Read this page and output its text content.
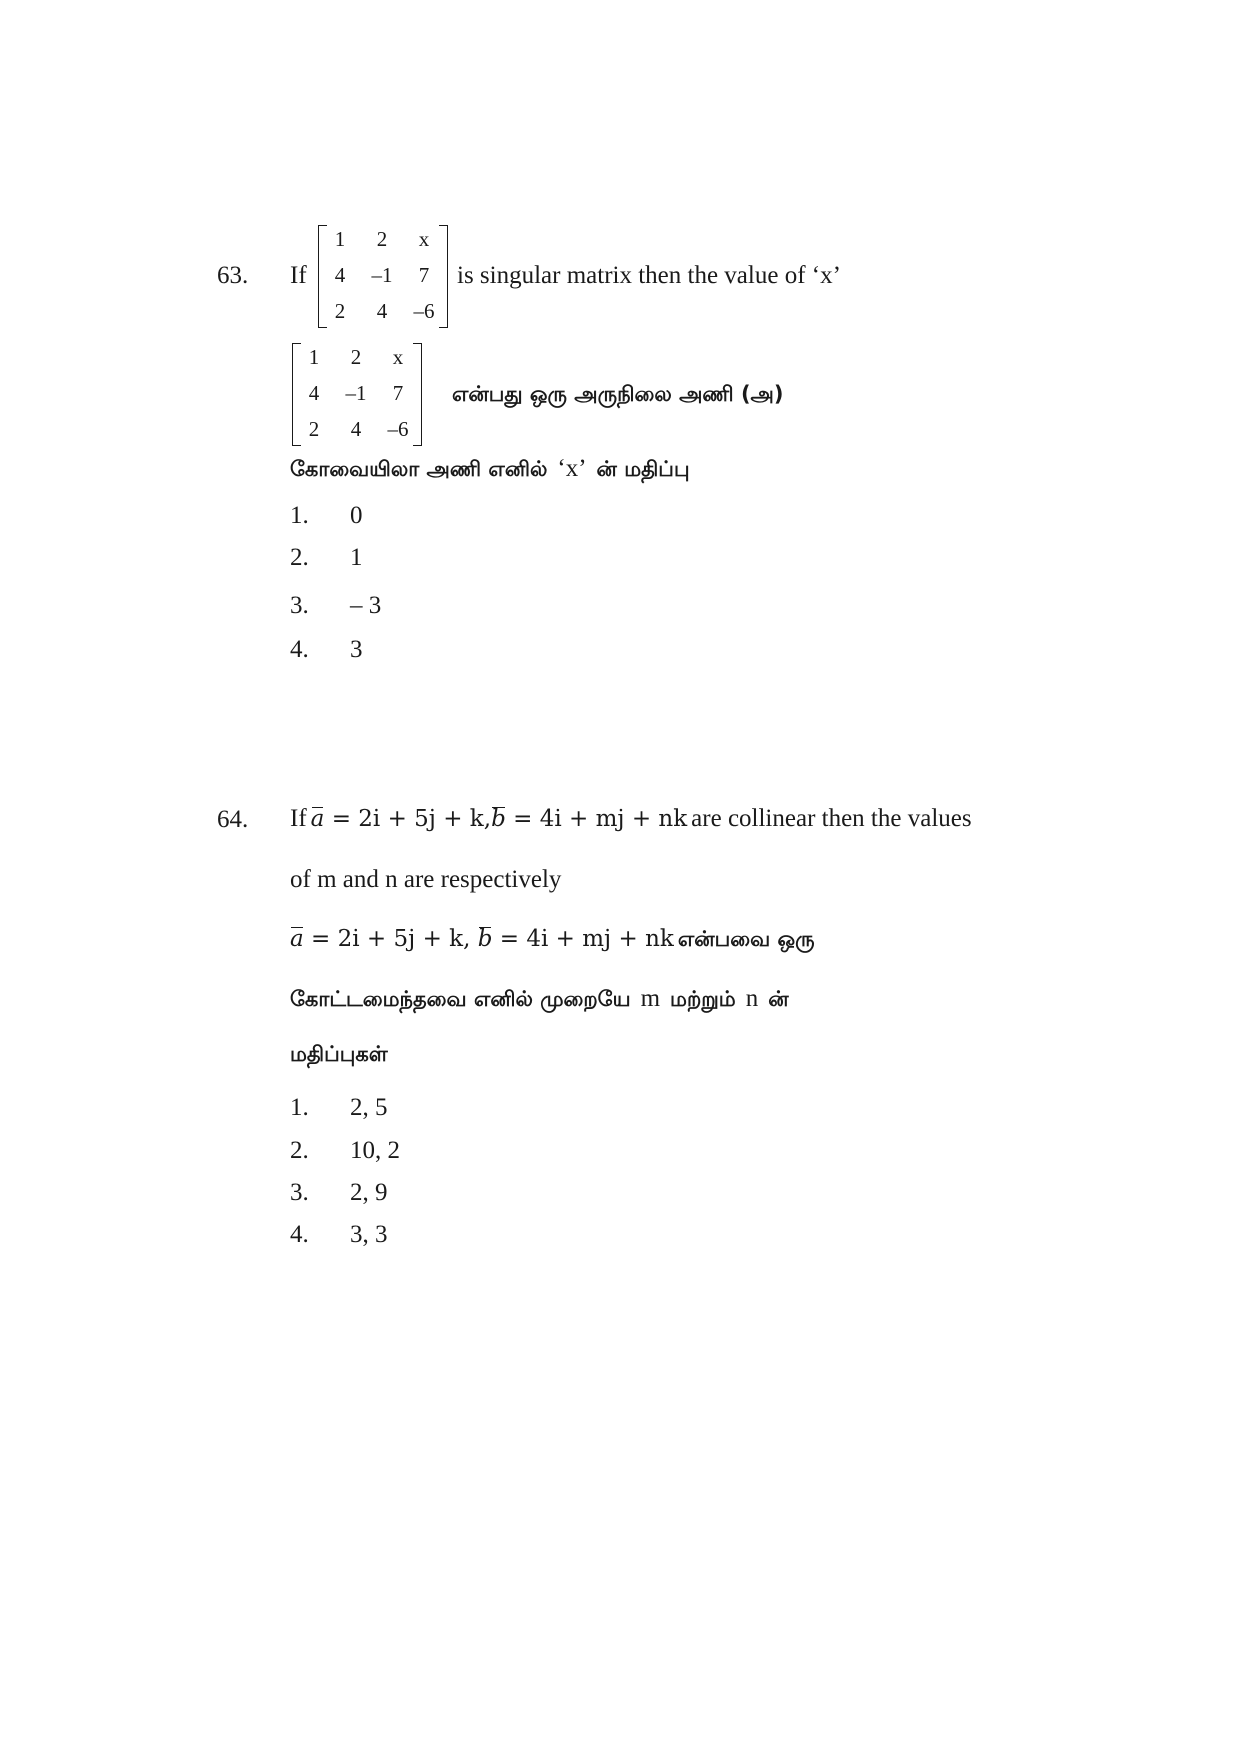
63. If
1	2	x
4	–1	7
2	4	–6
is singular matrix then the value of ‘x’
1	2	x
4	–1	7
2	4	–6
என்பது ஒரு அருநிலை அணி (அ)
கோவையிலா அணி எனில் ‘x’ ன் மதிப்பு
1. 0
2. 1
3. – 3
4. 3
64. If a = 2i + 5j + k,b = 4i + mj + nk are collinear then the values
of m and n are respectively
a = 2i + 5j + k, b = 4i + mj + nk என்பவை ஒரு
கோட்டமைந்தவை எனில் முறையே m மற்றும் n ன்
மதிப்புகள்
1. 2, 5
2. 10, 2
3. 2, 9
4. 3, 3
